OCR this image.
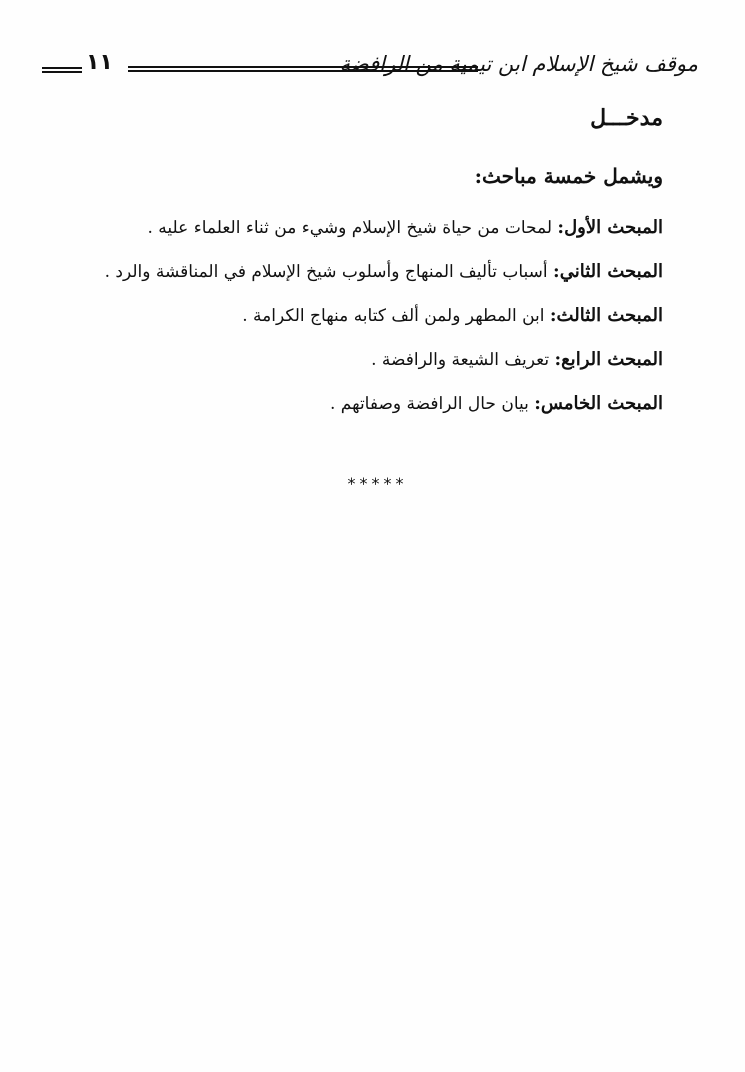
موقف شيخ الإسلام ابن تيمية من الرافضة
١١
مدخـــل
ويشمل خمسة مباحث:
المبحث الأول: لمحات من حياة شيخ الإسلام وشيء من ثناء العلماء عليه .
المبحث الثاني: أسباب تأليف المنهاج وأسلوب شيخ الإسلام في المناقشة والرد .
المبحث الثالث: ابن المطهر ولمن ألف كتابه منهاج الكرامة .
المبحث الرابع: تعريف الشيعة والرافضة .
المبحث الخامس: بيان حال الرافضة وصفاتهم .
*****
